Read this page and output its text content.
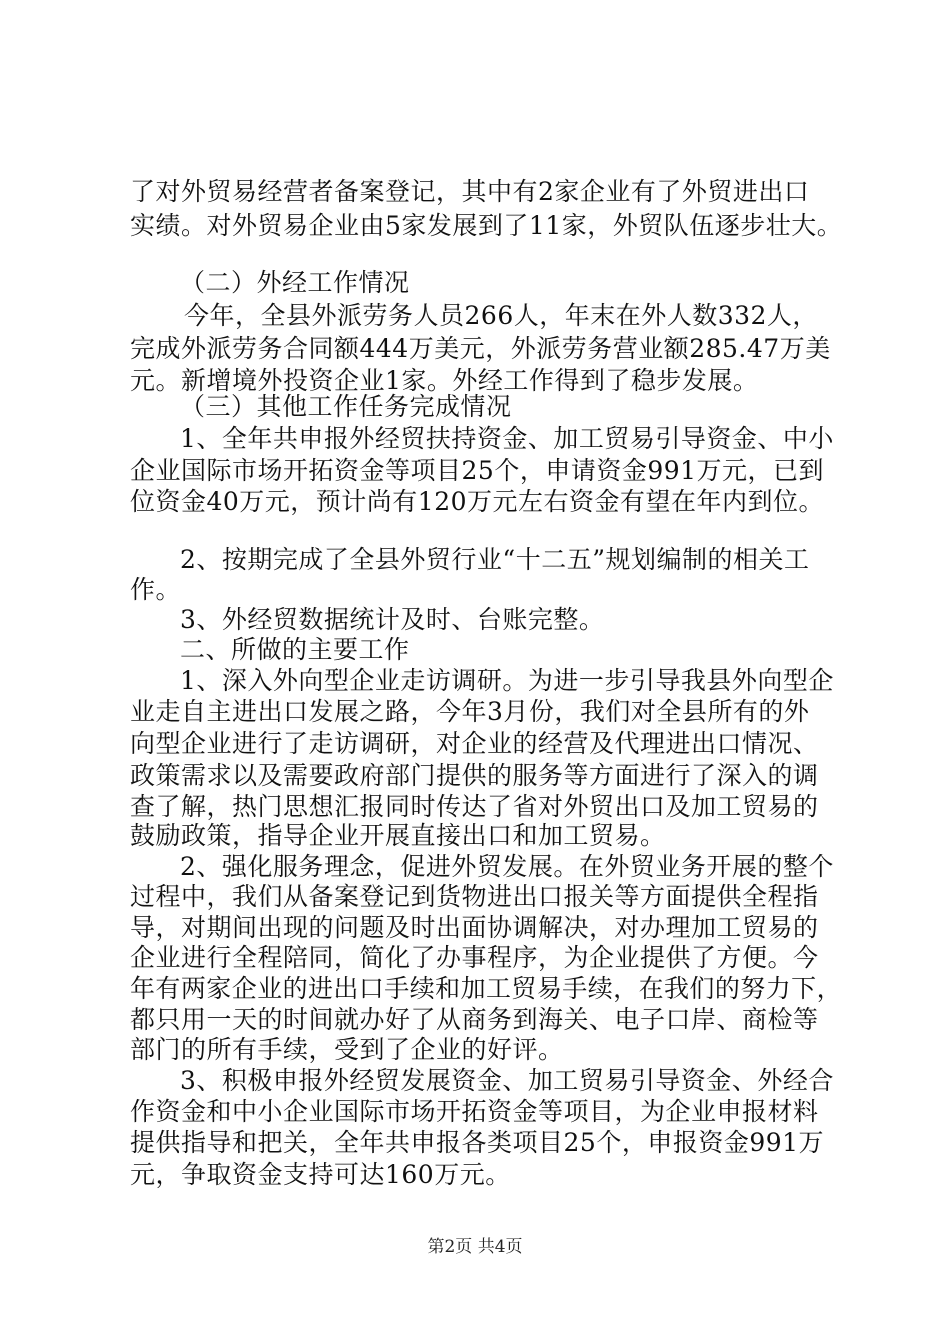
了对外贸易经营者备案登记，其中有2家企业有了外贸进出口
实绩。对外贸易企业由5家发展到了11家，外贸队伍逐步壮大。
（二）外经工作情况
今年，全县外派劳务人员266人，年末在外人数332人，
完成外派劳务合同额444万美元，外派劳务营业额285.47万美
元。新增境外投资企业1家。外经工作得到了稳步发展。
（三）其他工作任务完成情况
1、全年共申报外经贸扶持资金、加工贸易引导资金、中小
企业国际市场开拓资金等项目25个，申请资金991万元，已到
位资金40万元，预计尚有120万元左右资金有望在年内到位。
2、按期完成了全县外贸行业“十二五”规划编制的相关工
作。
3、外经贸数据统计及时、台账完整。
二、所做的主要工作
1、深入外向型企业走访调研。为进一步引导我县外向型企
业走自主进出口发展之路，今年3月份，我们对全县所有的外
向型企业进行了走访调研，对企业的经营及代理进出口情况、
政策需求以及需要政府部门提供的服务等方面进行了深入的调
查了解，热门思想汇报同时传达了省对外贸出口及加工贸易的
鼓励政策，指导企业开展直接出口和加工贸易。
2、强化服务理念，促进外贸发展。在外贸业务开展的整个
过程中，我们从备案登记到货物进出口报关等方面提供全程指
导，对期间出现的问题及时出面协调解决，对办理加工贸易的
企业进行全程陪同，简化了办事程序，为企业提供了方便。今
年有两家企业的进出口手续和加工贸易手续，在我们的努力下，
都只用一天的时间就办好了从商务到海关、电子口岸、商检等
部门的所有手续，受到了企业的好评。
3、积极申报外经贸发展资金、加工贸易引导资金、外经合
作资金和中小企业国际市场开拓资金等项目，为企业申报材料
提供指导和把关，全年共申报各类项目25个，申报资金991万
元，争取资金支持可达160万元。
第2页 共4页
